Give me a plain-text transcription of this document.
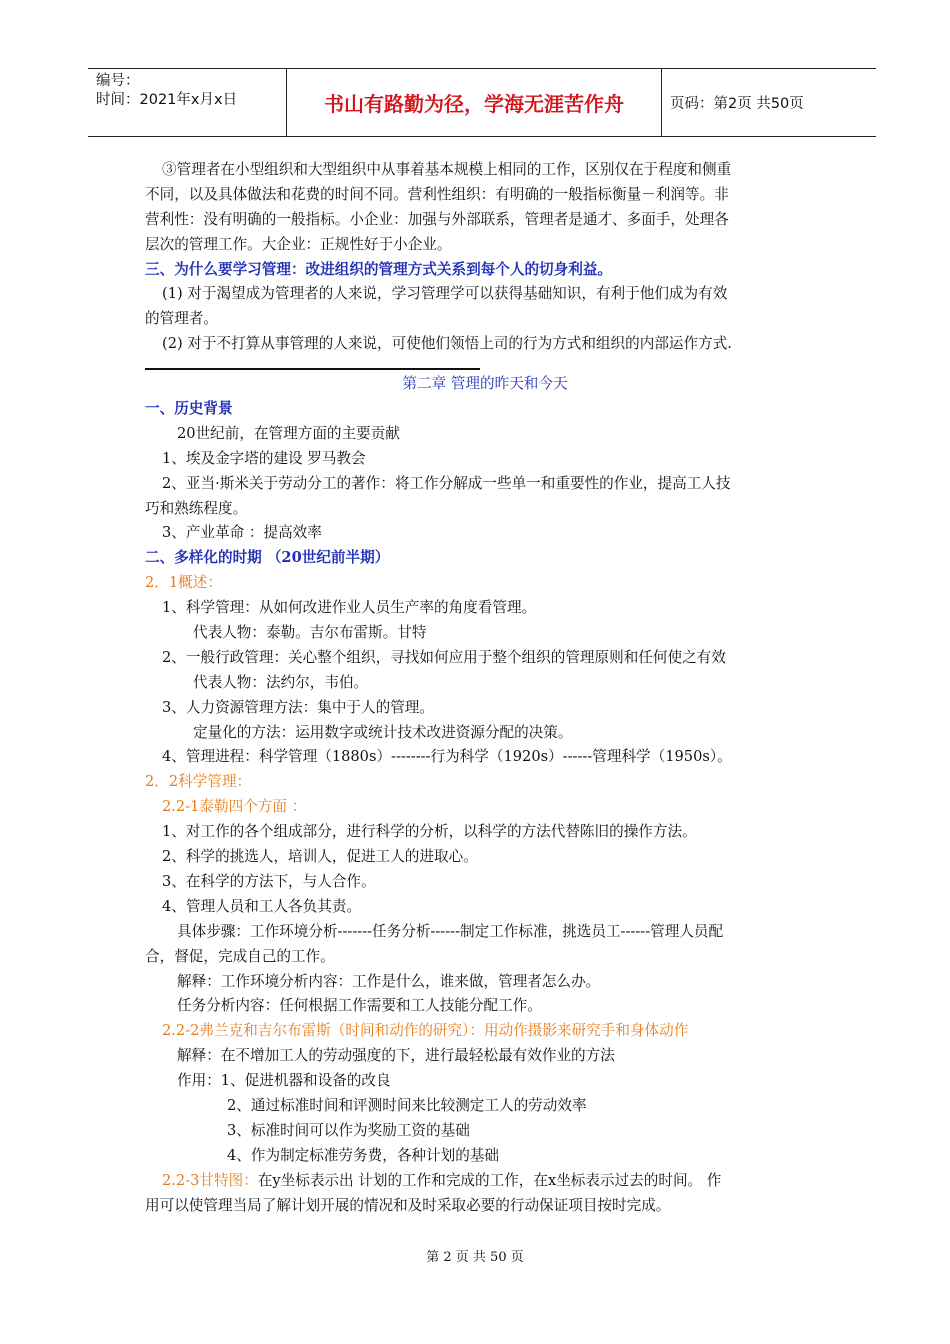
编号：
时间：2021年x月x日	书山有路勤为径，学海无涯苦作舟	页码：第2页 共50页
③管理者在小型组织和大型组织中从事着基本规模上相同的工作，区别仅在于程度和侧重
不同，以及具体做法和花费的时间不同。营利性组织：有明确的一般指标衡量－利润等。非
营利性：没有明确的一般指标。小企业：加强与外部联系，管理者是通才、多面手，处理各
层次的管理工作。大企业：正规性好于小企业。
三、为什么要学习管理：改进组织的管理方式关系到每个人的切身利益。
(1) 对于渴望成为管理者的人来说，学习管理学可以获得基础知识，有利于他们成为有效
的管理者。
(2) 对于不打算从事管理的人来说，可使他们领悟上司的行为方式和组织的内部运作方式.
第二章 管理的昨天和今天
一、历史背景
20世纪前，在管理方面的主要贡献
1、埃及金字塔的建设 罗马教会
2、亚当·斯米关于劳动分工的著作：将工作分解成一些单一和重要性的作业，提高工人技
巧和熟练程度。
3、产业革命 ：提高效率
二、多样化的时期 （20世纪前半期）
2．1概述：
1、科学管理：从如何改进作业人员生产率的角度看管理。
代表人物：泰勒。吉尔布雷斯。甘特
2、一般行政管理：关心整个组织，寻找如何应用于整个组织的管理原则和任何使之有效
代表人物：法约尔，韦伯。
3、人力资源管理方法：集中于人的管理。
定量化的方法：运用数字或统计技术改进资源分配的决策。
4、管理进程：科学管理（1880s）--------行为科学（1920s）------管理科学（1950s）。
2．2科学管理：
2.2-1泰勒四个方面 ：
1、对工作的各个组成部分，进行科学的分析，以科学的方法代替陈旧的操作方法。
2、科学的挑选人，培训人，促进工人的进取心。
3、在科学的方法下，与人合作。
4、管理人员和工人各负其责。
具体步骤：工作环境分析-------任务分析------制定工作标准，挑选员工------管理人员配
合，督促，完成自己的工作。
解释：工作环境分析内容：工作是什么，谁来做，管理者怎么办。
任务分析内容：任何根据工作需要和工人技能分配工作。
2.2-2弗兰克和吉尔布雷斯（时间和动作的研究）：用动作摄影来研究手和身体动作
解释：在不增加工人的劳动强度的下，进行最轻松最有效作业的方法
作用：1、促进机器和设备的改良
2、通过标准时间和评测时间来比较测定工人的劳动效率
3、标准时间可以作为奖励工资的基础
4、作为制定标准劳务费，各种计划的基础
2.2-3甘特图：在y坐标表示出 计划的工作和完成的工作，在x坐标表示过去的时间。 作
用可以使管理当局了解计划开展的情况和及时采取必要的行动保证项目按时完成。
第 2 页 共 50 页
